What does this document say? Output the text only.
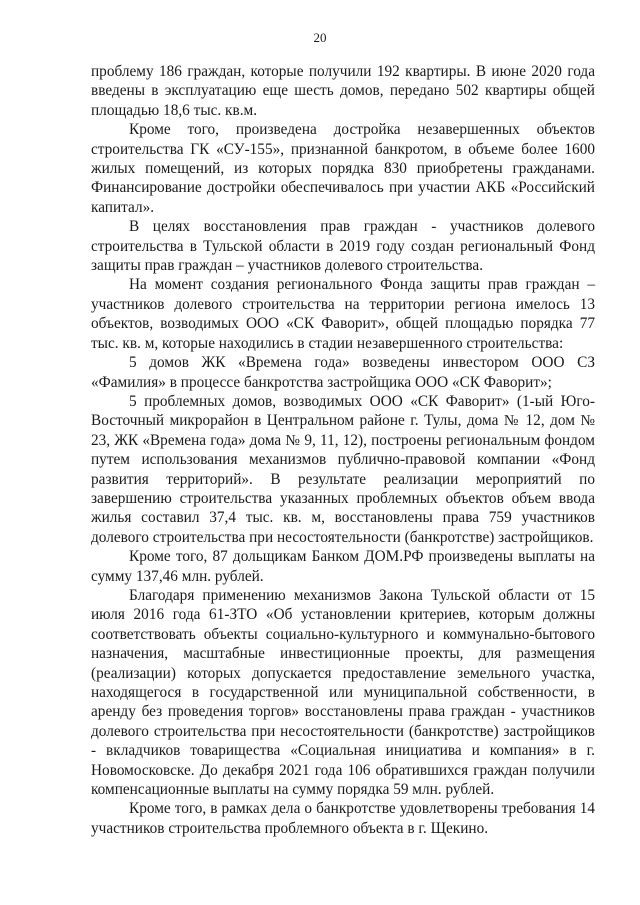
20

проблему 186 граждан, которые получили 192 квартиры. В июне 2020 года введены в эксплуатацию еще шесть домов, передано 502 квартиры общей площадью 18,6 тыс. кв.м.

Кроме того, произведена достройка незавершенных объектов строительства ГК «СУ-155», признанной банкротом, в объеме более 1600 жилых помещений, из которых порядка 830 приобретены гражданами. Финансирование достройки обеспечивалось при участии АКБ «Российский капитал».

В целях восстановления прав граждан - участников долевого строительства в Тульской области в 2019 году создан региональный Фонд защиты прав граждан – участников долевого строительства.

На момент создания регионального Фонда защиты прав граждан – участников долевого строительства на территории региона имелось 13 объектов, возводимых ООО «СК Фаворит», общей площадью порядка 77 тыс. кв. м, которые находились в стадии незавершенного строительства:

5 домов ЖК «Времена года» возведены инвестором ООО СЗ «Фамилия» в процессе банкротства застройщика ООО «СК Фаворит»;

5 проблемных домов, возводимых ООО «СК Фаворит» (1-ый Юго-Восточный микрорайон в Центральном районе г. Тулы, дома № 12, дом № 23, ЖК «Времена года» дома № 9, 11, 12), построены региональным фондом путем использования механизмов публично-правовой компании «Фонд развития территорий». В результате реализации мероприятий по завершению строительства указанных проблемных объектов объем ввода жилья составил 37,4 тыс. кв. м, восстановлены права 759 участников долевого строительства при несостоятельности (банкротстве) застройщиков.

Кроме того, 87 дольщикам Банком ДОМ.РФ произведены выплаты на сумму 137,46 млн. рублей.

Благодаря применению механизмов Закона Тульской области от 15 июля 2016 года 61-ЗТО «Об установлении критериев, которым должны соответствовать объекты социально-культурного и коммунально-бытового назначения, масштабные инвестиционные проекты, для размещения (реализации) которых допускается предоставление земельного участка, находящегося в государственной или муниципальной собственности, в аренду без проведения торгов» восстановлены права граждан - участников долевого строительства при несостоятельности (банкротстве) застройщиков - вкладчиков товарищества «Социальная инициатива и компания» в г. Новомосковске. До декабря 2021 года 106 обратившихся граждан получили компенсационные выплаты на сумму порядка 59 млн. рублей.

Кроме того, в рамках дела о банкротстве удовлетворены требования 14 участников строительства проблемного объекта в г. Щекино.
